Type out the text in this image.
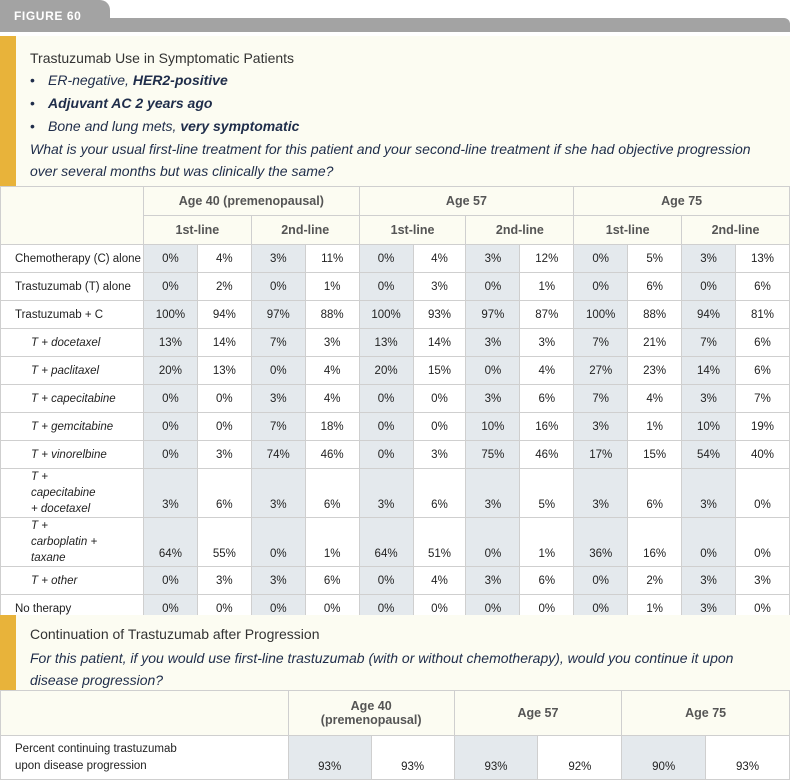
FIGURE 60
Trastuzumab Use in Symptomatic Patients
• ER-negative, HER2-positive
• Adjuvant AC 2 years ago
• Bone and lung mets, very symptomatic
What is your usual first-line treatment for this patient and your second-line treatment if she had objective progression over several months but was clinically the same?
	Age 40 (premenopausal)				Age 57				Age 75			
	1st-line		2nd-line		1st-line		2nd-line		1st-line		2nd-line	
Chemotherapy (C) alone	0%	4%	3%	11%	0%	4%	3%	12%	0%	5%	3%	13%
Trastuzumab (T) alone	0%	2%	0%	1%	0%	3%	0%	1%	0%	6%	0%	6%
Trastuzumab + C	100%	94%	97%	88%	100%	93%	97%	87%	100%	88%	94%	81%
T + docetaxel	13%	14%	7%	3%	13%	14%	3%	3%	7%	21%	7%	6%
T + paclitaxel	20%	13%	0%	4%	20%	15%	0%	4%	27%	23%	14%	6%
T + capecitabine	0%	0%	3%	4%	0%	0%	3%	6%	7%	4%	3%	7%
T + gemcitabine	0%	0%	7%	18%	0%	0%	10%	16%	3%	1%	10%	19%
T + vinorelbine	0%	3%	74%	46%	0%	3%	75%	46%	17%	15%	54%	40%
T + capecitabine + docetaxel	3%	6%	3%	6%	3%	6%	3%	5%	3%	6%	3%	0%
T + carboplatin + taxane	64%	55%	0%	1%	64%	51%	0%	1%	36%	16%	0%	0%
T + other	0%	3%	3%	6%	0%	4%	3%	6%	0%	2%	3%	3%
No therapy	0%	0%	0%	0%	0%	0%	0%	0%	0%	1%	3%	0%
Continuation of Trastuzumab after Progression
For this patient, if you would use first-line trastuzumab (with or without chemotherapy), would you continue it upon disease progression?
	Age 40 (premenopausal)		Age 57		Age 75	
Percent continuing trastuzumab upon disease progression	93%	93%	93%	92%	90%	93%
